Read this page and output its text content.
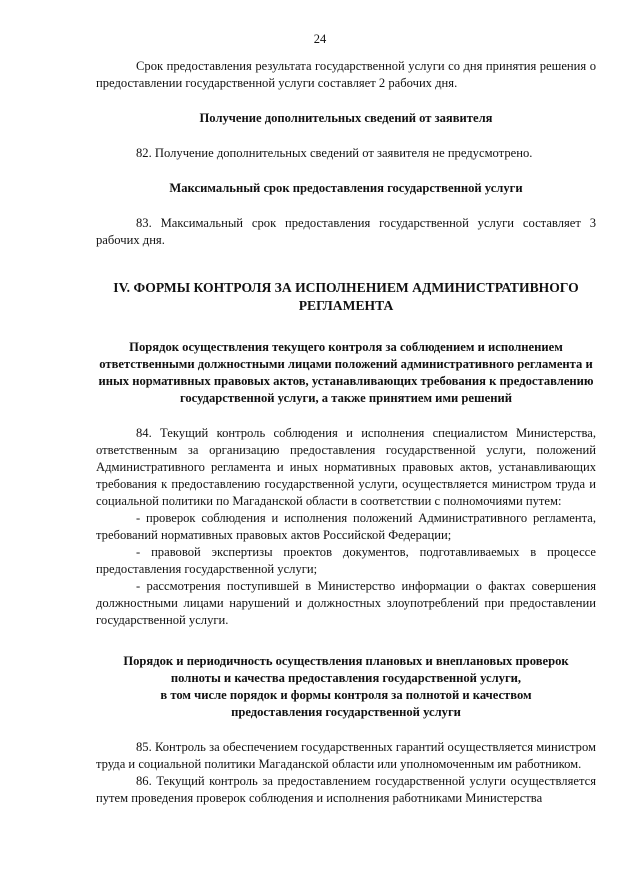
24

Срок предоставления результата государственной услуги со дня принятия решения о предоставлении государственной услуги составляет 2 рабочих дня.

Получение дополнительных сведений от заявителя

82. Получение дополнительных сведений от заявителя не предусмотрено.

Максимальный срок предоставления государственной услуги

83. Максимальный срок предоставления государственной услуги составляет 3 рабочих дня.

IV. ФОРМЫ КОНТРОЛЯ ЗА ИСПОЛНЕНИЕМ АДМИНИСТРАТИВНОГО РЕГЛАМЕНТА

Порядок осуществления текущего контроля за соблюдением и исполнением ответственными должностными лицами положений административного регламента и иных нормативных правовых актов, устанавливающих требования к предоставлению государственной услуги, а также принятием ими решений

84. Текущий контроль соблюдения и исполнения специалистом Министерства, ответственным за организацию предоставления государственной услуги, положений Административного регламента и иных нормативных правовых актов, устанавливающих требования к предоставлению государственной услуги, осуществляется министром труда и социальной политики по Магаданской области в соответствии с полномочиями путем:

- проверок соблюдения и исполнения положений Административного регламента, требований нормативных правовых актов Российской Федерации;

- правовой экспертизы проектов документов, подготавливаемых в процессе предоставления государственной услуги;

- рассмотрения поступившей в Министерство информации о фактах совершения должностными лицами нарушений и должностных злоупотреблений при предоставлении государственной услуги.

Порядок и периодичность осуществления плановых и внеплановых проверок

полноты и качества предоставления государственной услуги,

в том числе порядок и формы контроля за полнотой и качеством

предоставления государственной услуги

85. Контроль за обеспечением государственных гарантий осуществляется министром труда и социальной политики Магаданской области или уполномоченным им работником.

86. Текущий контроль за предоставлением государственной услуги осуществляется путем проведения проверок соблюдения и исполнения работниками Министерства
